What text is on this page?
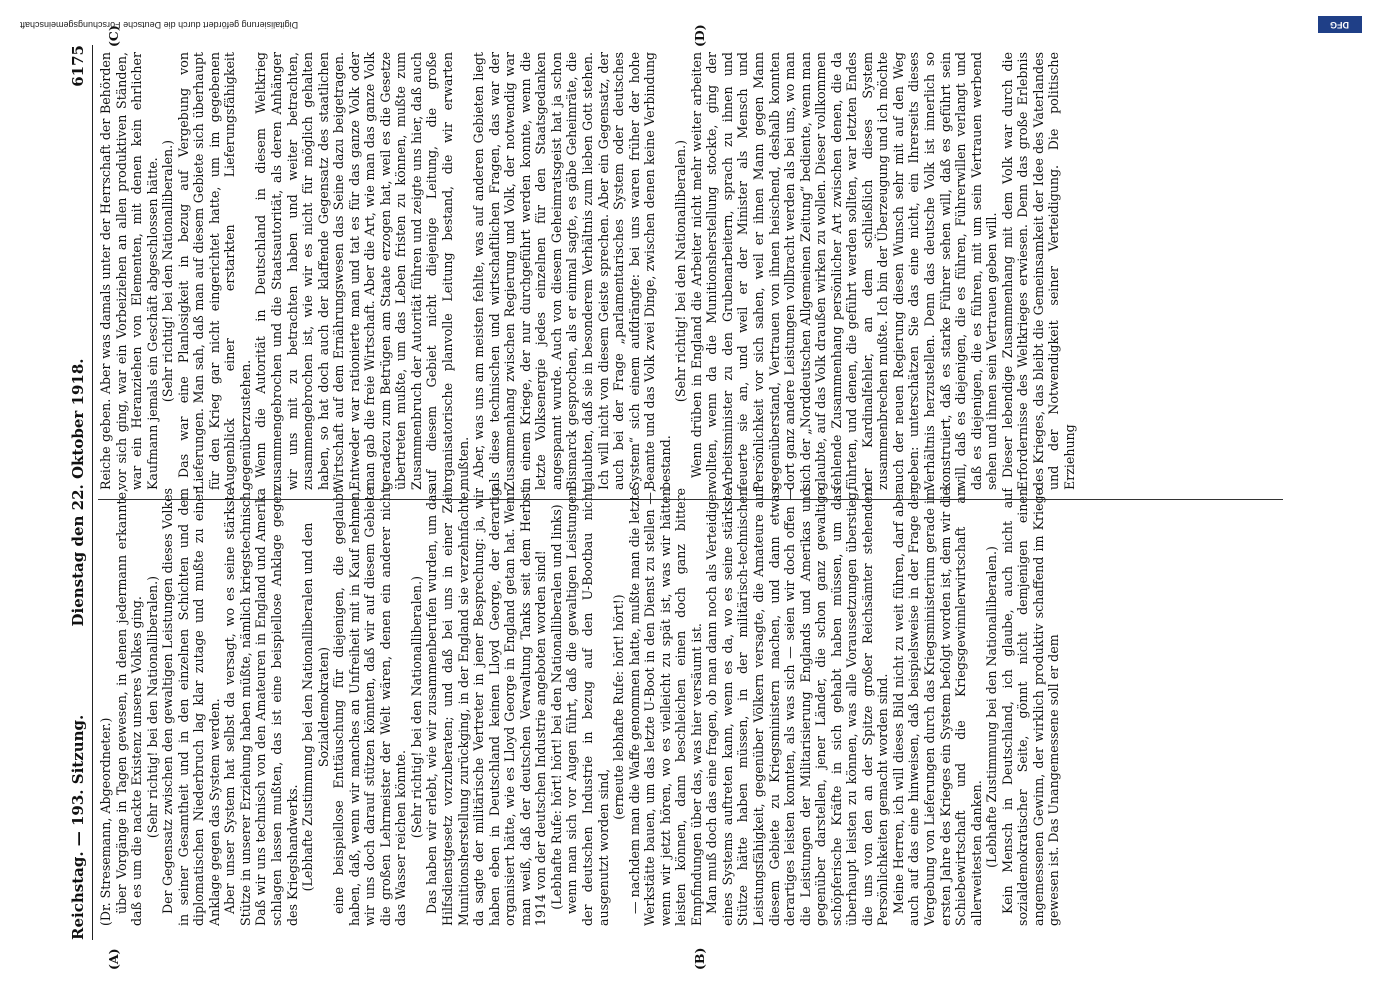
Reichstag. — 193. Sitzung.
Dienstag den 22. Oktober 1918.
6175
(A)	(B)
(C)	(D)

(Dr. Stresemann, Abgeordneter.) über Vorgänge in Tagen gewesen, in denen jedermann erkannte, daß es um die nackte Existenz unseres Volkes ging. (Sehr richtig! bei den Nationalliberalen.) Der Gegensatz zwischen den gewaltigen Leistungen dieses Volkes in seiner Gesamtheit und in den einzelnen Schichten und dem diplomatischen Niederbruch lag klar zutage und mußte zu einer Anklage gegen das System werden. Aber unser System hat selbst da versagt, wo es seine stärkste Stütze in unserer Erziehung haben müßte, nämlich kriegstechnisch. Daß wir uns technisch von den Amateuren in England und Amerika schlagen lassen mußten, das ist eine beispiellose Anklage gegen des Kriegshandwerks. (Lebhafte Zustimmung bei den Nationalliberalen und den Sozialdemokraten) eine beispiellose Enttäuschung für diejenigen, die geglaubt haben, daß, wenn wir manches an Unfreiheit mit in Kauf nehmen, wir uns doch darauf stützen könnten, daß wir auf diesem Gebiete die großen Lehrmeister der Welt wären, denen ein anderer nicht das Wasser reichen könnte. (Sehr richtig! bei den Nationalliberalen.) Das haben wir erlebt, wie wir zusammenberufen wurden, um das Hilfsdienstgesetz vorzuberaten; und daß bei uns in einer Zeit Munitionsherstellung zurückging, in der England sie verzehnfachte, da sagte der militärische Vertreter in jener Besprechung: ja, wir haben eben in Deutschland keinen Lloyd George, der derartig organisiert hätte, wie es Lloyd George in England getan hat. Wenn man weiß, daß der deutschen Verwaltung Tanks seit dem Herbst 1914 von der deutschen Industrie angeboten worden sind! (Lebhafte Rufe: hört! hört! bei den Nationalliberalen und links) wenn man sich vor Augen führt, daß die gewaltigen Leistungen der deutschen Industrie in bezug auf den U-Bootbau nicht ausgenutzt worden sind,

(erneute lebhafte Rufe: hört! hört!) — nachdem man die Waffe genommen hatte, mußte man die letzte Werkstätte bauen, um das letzte U-Boot in den Dienst zu stellen —, wenn wir jetzt hören, wo es vielleicht zu spät ist, was wir hätten leisten können, dann beschleichen einen doch ganz bittere Empfindungen über das, was hier versäumt ist. Man muß doch das eine fragen, ob man dann noch als Verteidiger eines Systems auftreten kann, wenn es da, wo es seine stärkste Stütze hätte haben müssen, in der militärisch-technischen Leistungsfähigkeit, gegenüber Völkern versagte, die Amateure auf diesem Gebiete zu Kriegsministern machen, und dann etwas derartiges leisten konnten, als was sich — seien wir doch offen — die Leistungen der Militarisierung Englands und Amerikas und gegenüber darstellen, jener Länder, die schon ganz gewaltige schöpferische Kräfte in sich gehabt haben müssen, um das überhaupt leisten zu können, was alle Voraussetzungen überstieg, die uns von den an der Spitze großer Reichsämter stehenden Persönlichkeiten gemacht worden sind. Meine Herren, ich will dieses Bild nicht zu weit führen, darf aber auch auf das eine hinweisen, daß beispielsweise in der Frage der Vergebung von Lieferungen durch das Kriegsministerium gerade im ersten Jahre des Krieges ein System befolgt worden ist, dem wir die Schiebewirtschaft und die Kriegsgewinnlerwirtschaft an allerweitesten danken. (Lebhafte Zustimmung bei den Nationalliberalen.) Kein Mensch in Deutschland, ich glaube, auch nicht auf sozialdemokratischer Seite, gönnt nicht demjenigen einen angemessenen Gewinn, der wirklich produktiv schaffend im Kriege gewesen ist. Das Unangemessene soll er dem

Reiche geben. Aber was damals unter der Herrschaft der Behörden vor sich ging, war ein Vorbeiziehen an allen produktiven Ständen, war ein Heranziehen von Elementen, mit denen kein ehrlicher Kaufmann jemals ein Geschäft abgeschlossen hätte. (Sehr richtig! bei den Nationalliberalen.) Das war eine Planlosigkeit in bezug auf Vergebung von Lieferungen. Man sah, daß man auf diesem Gebiete sich überhaupt für den Krieg gar nicht eingerichtet hatte, um im gegebenen Augenblick einer erstarkten Lieferungsfähigkeit gegenüberzustehen. Wenn die Autorität in Deutschland in diesem Weltkrieg zusammengebrochen und die Staatsautorität, als deren Anhänger wir uns mit zu betrachten haben und weiter betrachten, zusammengebrochen ist, wie wir es nicht für möglich gehalten haben, so hat doch auch der klaffende Gegensatz des staatlichen Wirtschaft auf dem Ernährungswesen das Seine dazu beigetragen. Entweder war rationierte man und tat es für das ganze Volk oder man gab die freie Wirtschaft. Aber die Art, wie man das ganze Volk geradezu zum Betrügen am Staate erzogen hat, weil es die Gesetze übertreten mußte, um das Leben fristen zu können, mußte zum Zusammenbruch der Autorität führen und zeigte uns hier, daß auch auf diesem Gebiet nicht diejenige Leitung, die große organisatorische planvolle Leitung bestand, die wir erwarten mußten. Aber, was uns am meisten fehlte, was auf anderen Gebieten liegt als diese technischen und wirtschaftlichen Fragen, das war der Zusammenhang zwischen Regierung und Volk, der notwendig war in einem Kriege, der nur durchgeführt werden konnte, wenn die letzte Volksenergie jedes einzelnen für den Staatsgedanken angespannt wurde. Auch von diesem Geheimratsgeist hat ja schon Bismarck gesprochen, als er einmal sagte, es gäbe Geheimräte, die glaubten, daß sie in besonderem Verhältnis zum lieben Gott stehen. Ich will nicht von diesem Geiste sprechen. Aber ein Gegensatz, der auch bei der Frage „parlamentarisches System oder deutsches System“ sich einem aufdrängte: bei uns waren früher der hohe Beamte und das Volk zwei Dinge, zwischen denen keine Verbindung bestand.

(Sehr richtig! bei den Nationalliberalen.) Wenn drüben in England die Arbeiter nicht mehr weiter arbeiten wollten, wenn da die Munitionsherstellung stockte, ging der Arbeitsminister zu den Grubenarbeitern, sprach zu ihnen und feuerte sie an, und weil er der Minister als Mensch und Persönlichkeit vor sich sahen, weil er ihnen Mann gegen Mann gegenüberstand, Vertrauen von ihnen heischend, deshalb konnten dort ganz andere Leistungen vollbracht werden als bei uns, wo man sich der „Norddeutschen Allgemeinen Zeitung“ bediente, wenn man glaubte, auf das Volk draußen wirken zu wollen. Dieser vollkommen fehlende Zusammenhang persönlicher Art zwischen denen, die da führten, und denen, die geführt werden sollten, war letzten Endes der Kardinalfehler, an dem schließlich dieses System zusammenbrechen mußte. Ich bin der Überzeugung und ich möchte auch der neuen Regierung diesen Wunsch sehr mit auf den Weg geben: unterschätzen Sie das eine nicht, ein Ihrerseits dieses Verhältnis herzustellen. Denn das deutsche Volk ist innerlich so konstruiert, daß es starke Führer sehen will, daß es geführt sein will, daß es diejenigen, die es führen, Führerwillen verlangt und daß es diejenigen, die es führen, mit um sein Vertrauen werbend sehen und ihnen sein Vertrauen geben will. Dieser lebendige Zusammenhang mit dem Volk war durch die Erfordernisse des Weltkrieges erwiesen. Denn das große Erlebnis des Krieges, das bleibt die Gemeinsamkeit der Idee des Vaterlandes und der Notwendigkeit seiner Verteidigung. Die politische Erziehung

Digitalisierung gefördert durch die Deutsche Forschungsgemeinschaft	DFG
